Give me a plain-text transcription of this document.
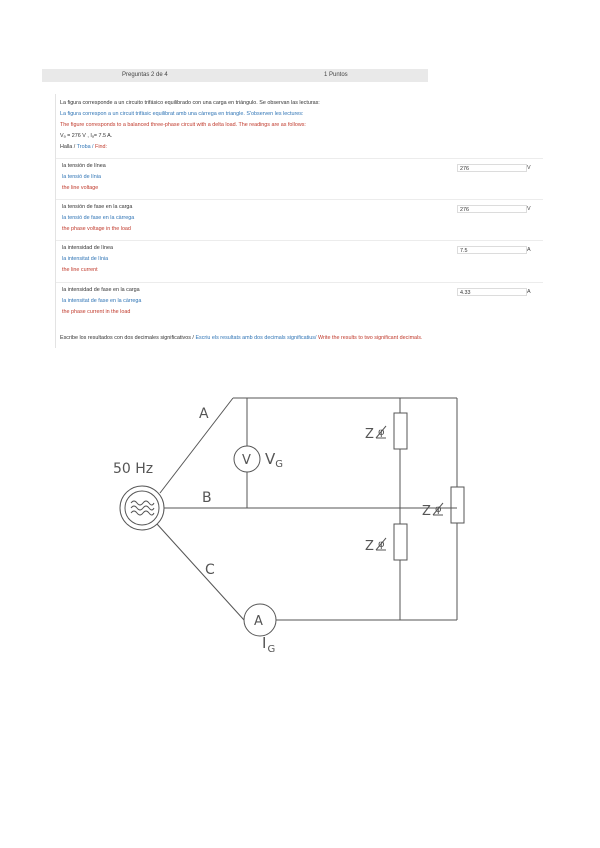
Preguntas 2 de 4	1 Puntos
La figura corresponde a un circuito trifásico equilibrado con una carga en triángulo. Se observan las lecturas:
La figura correspon a un circuit trifàsic equilibrat amb una càrrega en triangle. S'observen les lectures:
The figure corresponds to a balanced three-phase circuit with a delta load. The readings are as follows:
Vₐ = 276 V , Iₐ= 7.5 A.
Halla / Troba / Find:
la tensión de línea
la tensió de línia
the line voltage
276	V
la tensión de fase en la carga
la tensió de fase en la càrrega
the phase voltage in the load
276	V
la intensidad de línea
la intensitat de línia
the line current
7.5	A
la intensidad de fase en la carga
la intensitat de fase en la càrrega
the phase current in the load
4.33	A
Escribe los resultados con dos decimales significativos / Escriu els resultats amb dos decimals significatius/ Write the results to two significant decimals.
50 Hz
A
B
C
V
A
$V_G$
$I_G$
Z φ
Z φ
Z φ
